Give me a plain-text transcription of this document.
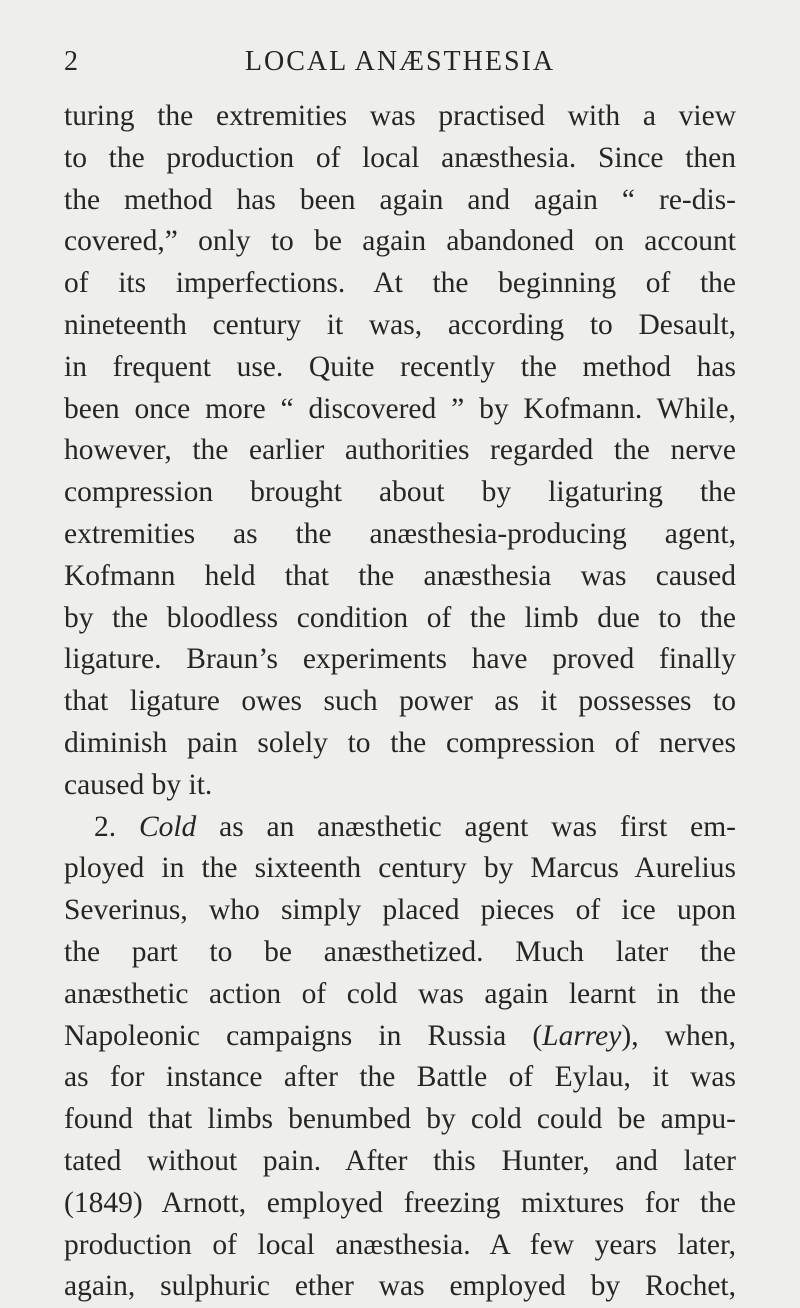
2	LOCAL ANÆSTHESIA
turing the extremities was practised with a view
to the production of local anæsthesia. Since then
the method has been again and again “ re-dis-
covered,” only to be again abandoned on account
of its imperfections. At the beginning of the
nineteenth century it was, according to Desault,
in frequent use. Quite recently the method has
been once more “ discovered ” by Kofmann. While,
however, the earlier authorities regarded the nerve
compression brought about by ligaturing the
extremities as the anæsthesia-producing agent,
Kofmann held that the anæsthesia was caused
by the bloodless condition of the limb due to the
ligature. Braun’s experiments have proved finally
that ligature owes such power as it possesses to
diminish pain solely to the compression of nerves
caused by it.
2. Cold as an anæsthetic agent was first em-
ployed in the sixteenth century by Marcus Aurelius
Severinus, who simply placed pieces of ice upon
the part to be anæsthetized. Much later the
anæsthetic action of cold was again learnt in the
Napoleonic campaigns in Russia (Larrey), when,
as for instance after the Battle of Eylau, it was
found that limbs benumbed by cold could be ampu-
tated without pain. After this Hunter, and later
(1849) Arnott, employed freezing mixtures for the
production of local anæsthesia. A few years later,
again, sulphuric ether was employed by Rochet,
